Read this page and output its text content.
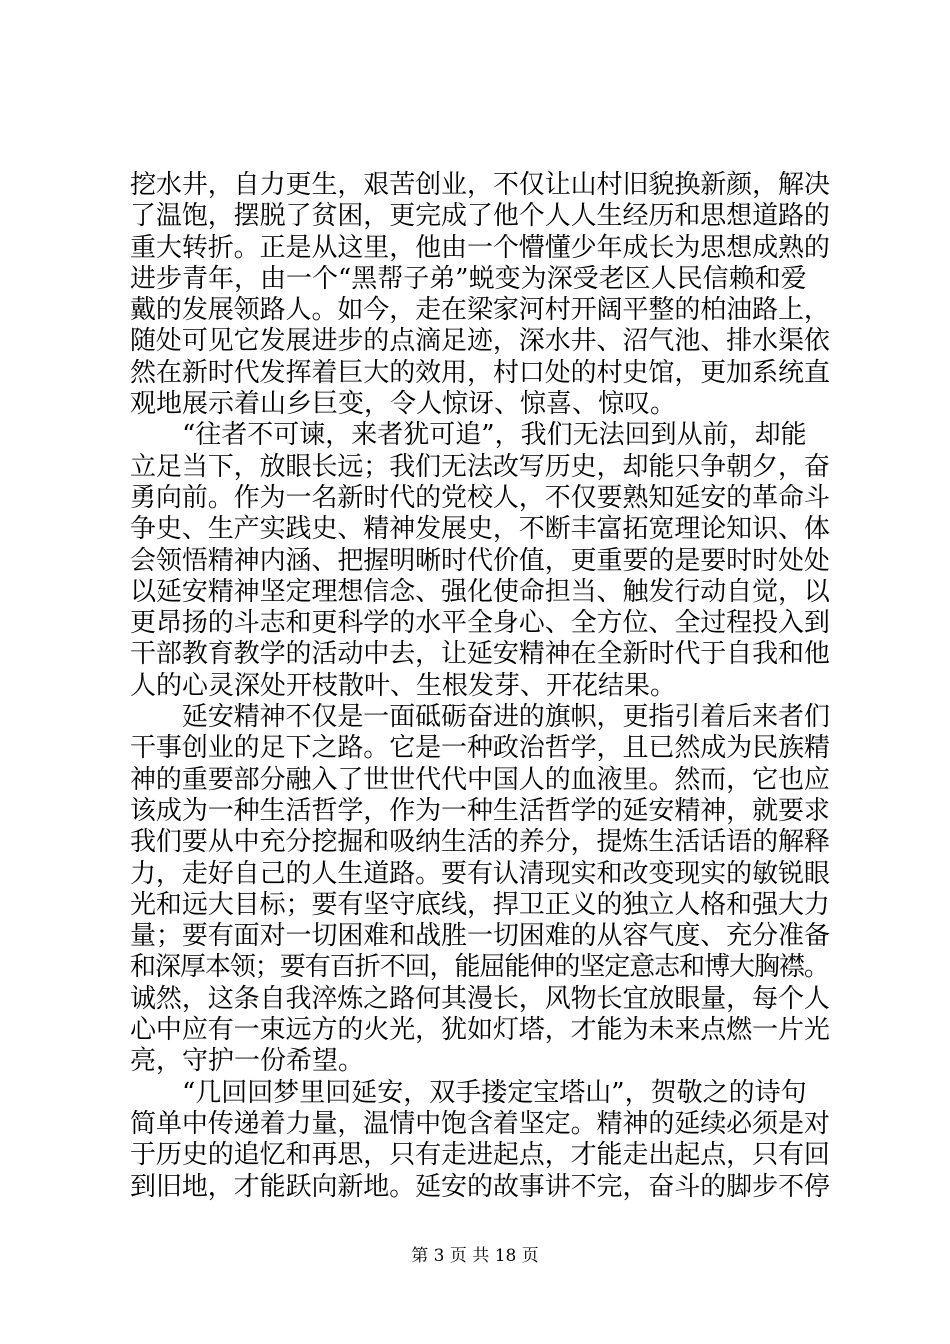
挖水井，自力更生，艰苦创业，不仅让山村旧貌换新颜，解决
了温饱，摆脱了贫困，更完成了他个人人生经历和思想道路的
重大转折。正是从这里，他由一个懵懂少年成长为思想成熟的
进步青年，由一个“黑帮子弟”蜕变为深受老区人民信赖和爱
戴的发展领路人。如今，走在梁家河村开阔平整的柏油路上，
随处可见它发展进步的点滴足迹，深水井、沼气池、排水渠依
然在新时代发挥着巨大的效用，村口处的村史馆，更加系统直
观地展示着山乡巨变，令人惊讶、惊喜、惊叹。
　　“往者不可谏，来者犹可追”，我们无法回到从前，却能
立足当下，放眼长远；我们无法改写历史，却能只争朝夕，奋
勇向前。作为一名新时代的党校人，不仅要熟知延安的革命斗
争史、生产实践史、精神发展史，不断丰富拓宽理论知识、体
会领悟精神内涵、把握明晰时代价值，更重要的是要时时处处
以延安精神坚定理想信念、强化使命担当、触发行动自觉，以
更昂扬的斗志和更科学的水平全身心、全方位、全过程投入到
干部教育教学的活动中去，让延安精神在全新时代于自我和他
人的心灵深处开枝散叶、生根发芽、开花结果。
　　延安精神不仅是一面砥砺奋进的旗帜，更指引着后来者们
干事创业的足下之路。它是一种政治哲学，且已然成为民族精
神的重要部分融入了世世代代中国人的血液里。然而，它也应
该成为一种生活哲学，作为一种生活哲学的延安精神，就要求
我们要从中充分挖掘和吸纳生活的养分，提炼生活话语的解释
力，走好自己的人生道路。要有认清现实和改变现实的敏锐眼
光和远大目标；要有坚守底线，捍卫正义的独立人格和强大力
量；要有面对一切困难和战胜一切困难的从容气度、充分准备
和深厚本领；要有百折不回，能屈能伸的坚定意志和博大胸襟。
诚然，这条自我淬炼之路何其漫长，风物长宜放眼量，每个人
心中应有一束远方的火光，犹如灯塔，才能为未来点燃一片光
亮，守护一份希望。
　　“几回回梦里回延安，双手搂定宝塔山”，贺敬之的诗句
简单中传递着力量，温情中饱含着坚定。精神的延续必须是对
于历史的追忆和再思，只有走进起点，才能走出起点，只有回
到旧地，才能跃向新地。延安的故事讲不完，奋斗的脚步不停
第 3 页 共 18 页
